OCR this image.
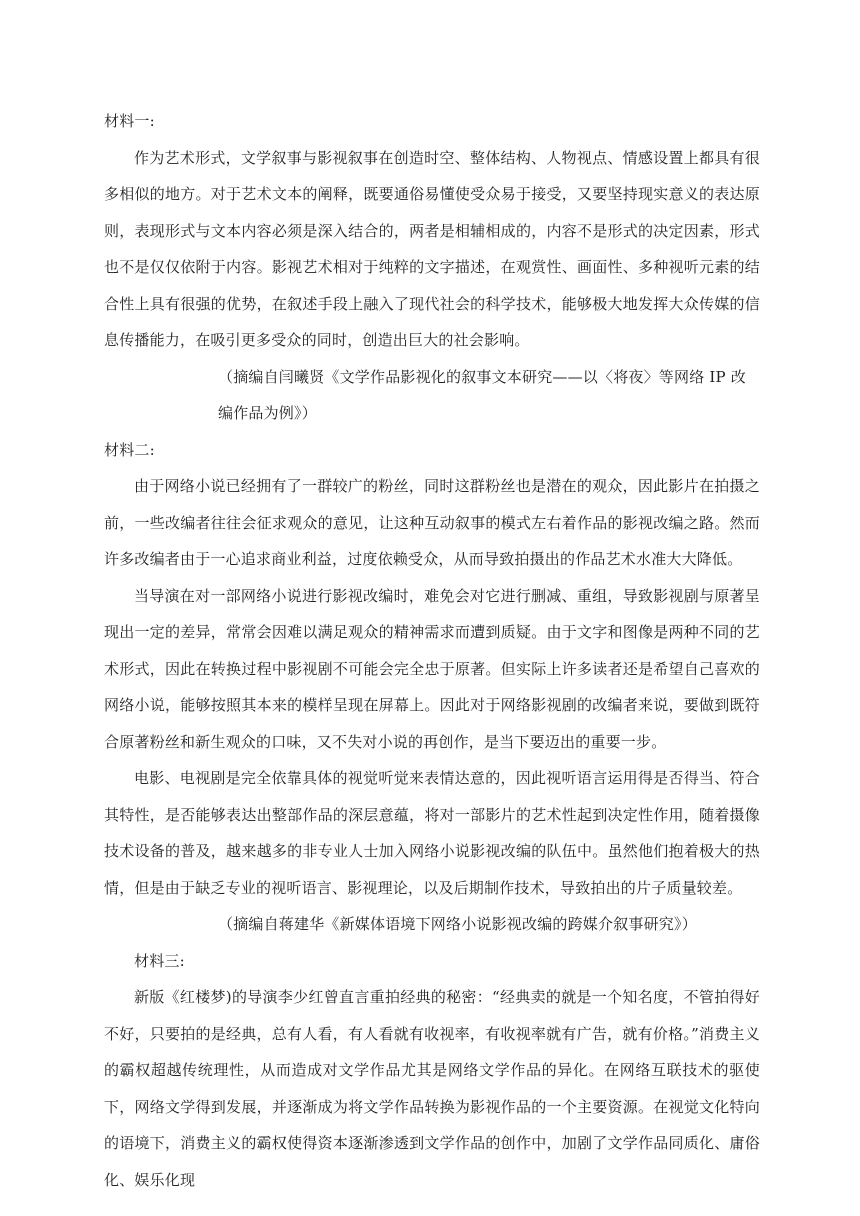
材料一:

作为艺术形式，文学叙事与影视叙事在创造时空、整体结构、人物视点、情感设置上都具有很多相似的地方。对于艺术文本的阐释，既要通俗易懂使受众易于接受，又要坚持现实意义的表达原则，表现形式与文本内容必须是深入结合的，两者是相辅相成的，内容不是形式的决定因素，形式也不是仅仅依附于内容。影视艺术相对于纯粹的文字描述，在观赏性、画面性、多种视听元素的结合性上具有很强的优势，在叙述手段上融入了现代社会的科学技术，能够极大地发挥大众传媒的信息传播能力，在吸引更多受众的同时，创造出巨大的社会影响。

（摘编自闫曦贤《文学作品影视化的叙事文本研究——以〈将夜〉等网络 IP 改编作品为例》）

材料二:

由于网络小说已经拥有了一群较广的粉丝，同时这群粉丝也是潜在的观众，因此影片在拍摄之前，一些改编者往往会征求观众的意见，让这种互动叙事的模式左右着作品的影视改编之路。然而许多改编者由于一心追求商业利益，过度依赖受众，从而导致拍摄出的作品艺术水准大大降低。

当导演在对一部网络小说进行影视改编时，难免会对它进行删减、重组，导致影视剧与原著呈现出一定的差异，常常会因难以满足观众的精神需求而遭到质疑。由于文字和图像是两种不同的艺术形式，因此在转换过程中影视剧不可能会完全忠于原著。但实际上许多读者还是希望自己喜欢的网络小说，能够按照其本来的模样呈现在屏幕上。因此对于网络影视剧的改编者来说，要做到既符合原著粉丝和新生观众的口味，又不失对小说的再创作，是当下要迈出的重要一步。

电影、电视剧是完全依靠具体的视觉听觉来表情达意的，因此视听语言运用得是否得当、符合其特性，是否能够表达出整部作品的深层意蕴，将对一部影片的艺术性起到决定性作用，随着摄像技术设备的普及，越来越多的非专业人士加入网络小说影视改编的队伍中。虽然他们抱着极大的热情，但是由于缺乏专业的视听语言、影视理论，以及后期制作技术，导致拍出的片子质量较差。

（摘编自蒋建华《新媒体语境下网络小说影视改编的跨媒介叙事研究》）

材料三:

新版《红楼梦)的导演李少红曾直言重拍经典的秘密：“经典卖的就是一个知名度，不管拍得好不好，只要拍的是经典，总有人看，有人看就有收视率，有收视率就有广告，就有价格。”消费主义的霸权超越传统理性，从而造成对文学作品尤其是网络文学作品的异化。在网络互联技术的驱使下，网络文学得到发展，并逐渐成为将文学作品转换为影视作品的一个主要资源。在视觉文化特向的语境下，消费主义的霸权使得资本逐渐渗透到文学作品的创作中，加剧了文学作品同质化、庸俗化、娱乐化现
